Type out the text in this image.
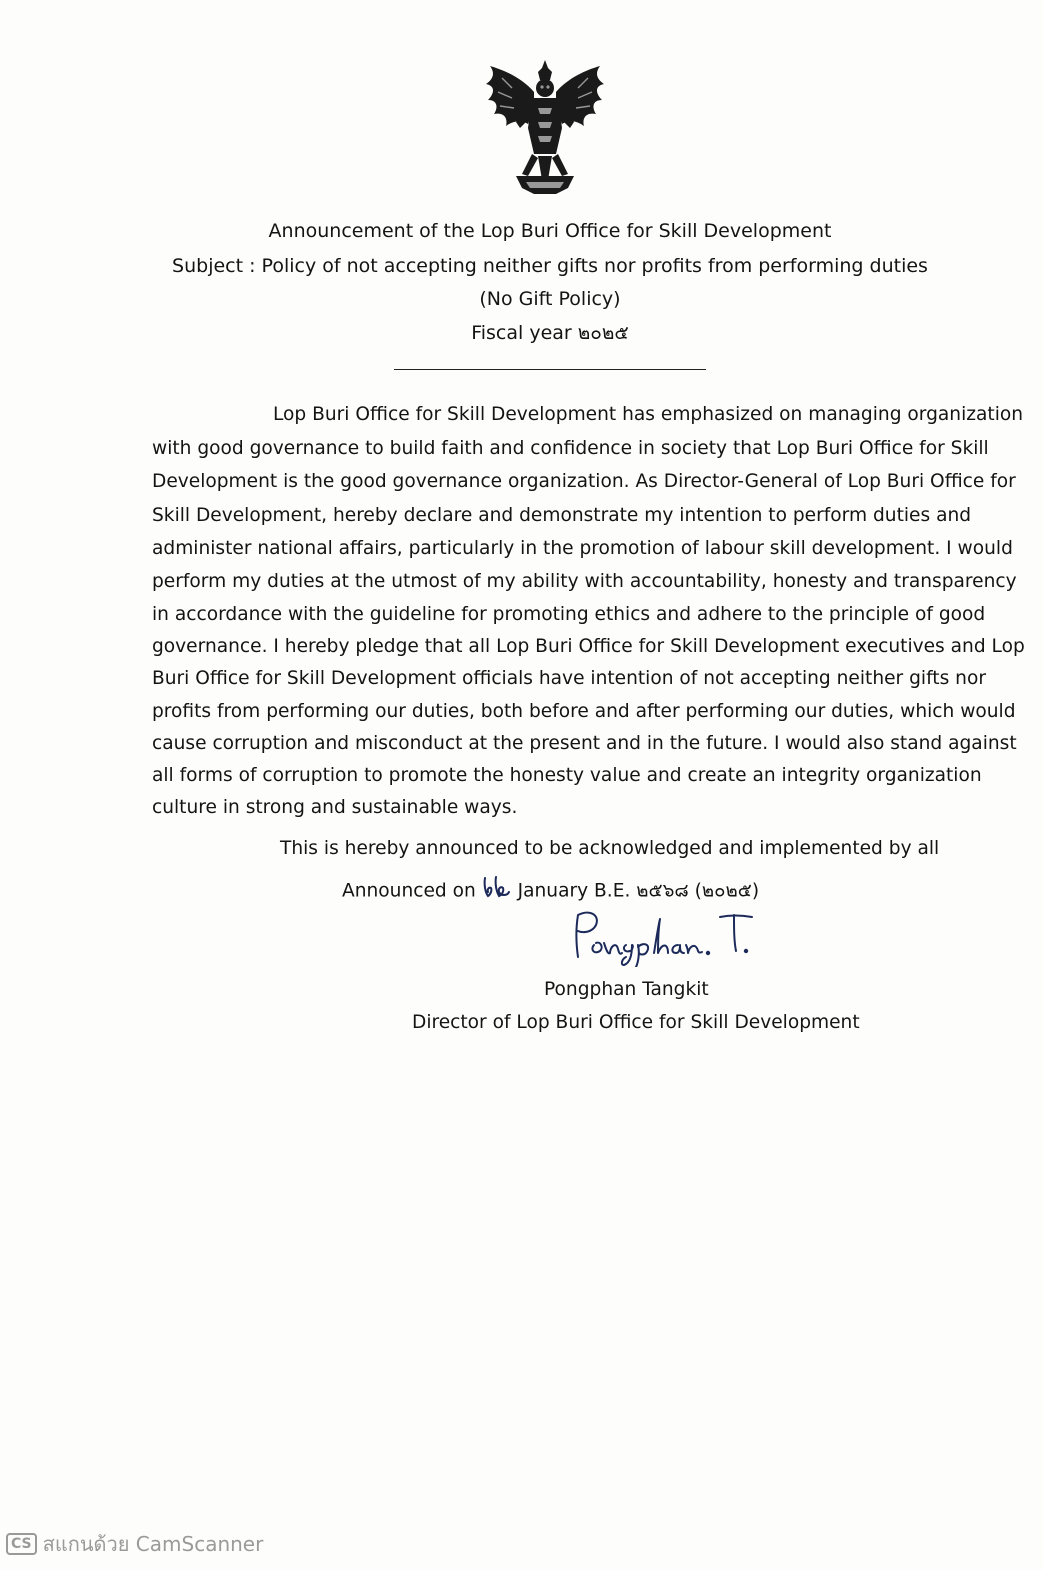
Announcement of the Lop Buri Office for Skill Development
Subject : Policy of not accepting neither gifts nor profits from performing duties
(No Gift Policy)
Fiscal year ๒๐๒๕
Lop Buri Office for Skill Development has emphasized on managing organization
with good governance to build faith and confidence in society that Lop Buri Office for Skill
Development is the good governance organization. As Director-General of Lop Buri Office for
Skill Development, hereby declare and demonstrate my intention to perform duties and
administer national affairs, particularly in the promotion of labour skill development. I would
perform my duties at the utmost of my ability with accountability, honesty and transparency
in accordance with the guideline for promoting ethics and adhere to the principle of good
governance. I hereby pledge that all Lop Buri Office for Skill Development executives and Lop
Buri Office for Skill Development officials have intention of not accepting neither gifts nor
profits from performing our duties, both before and after performing our duties, which would
cause corruption and misconduct at the present and in the future. I would also stand against
all forms of corruption to promote the honesty value and create an integrity organization
culture in strong and sustainable ways.
This is hereby announced to be acknowledged and implemented by all
Announced on January B.E. ๒๕๖๘ (๒๐๒๕)
Pongphan Tangkit
Director of Lop Buri Office for Skill Development
CS สแกนด้วย CamScanner
